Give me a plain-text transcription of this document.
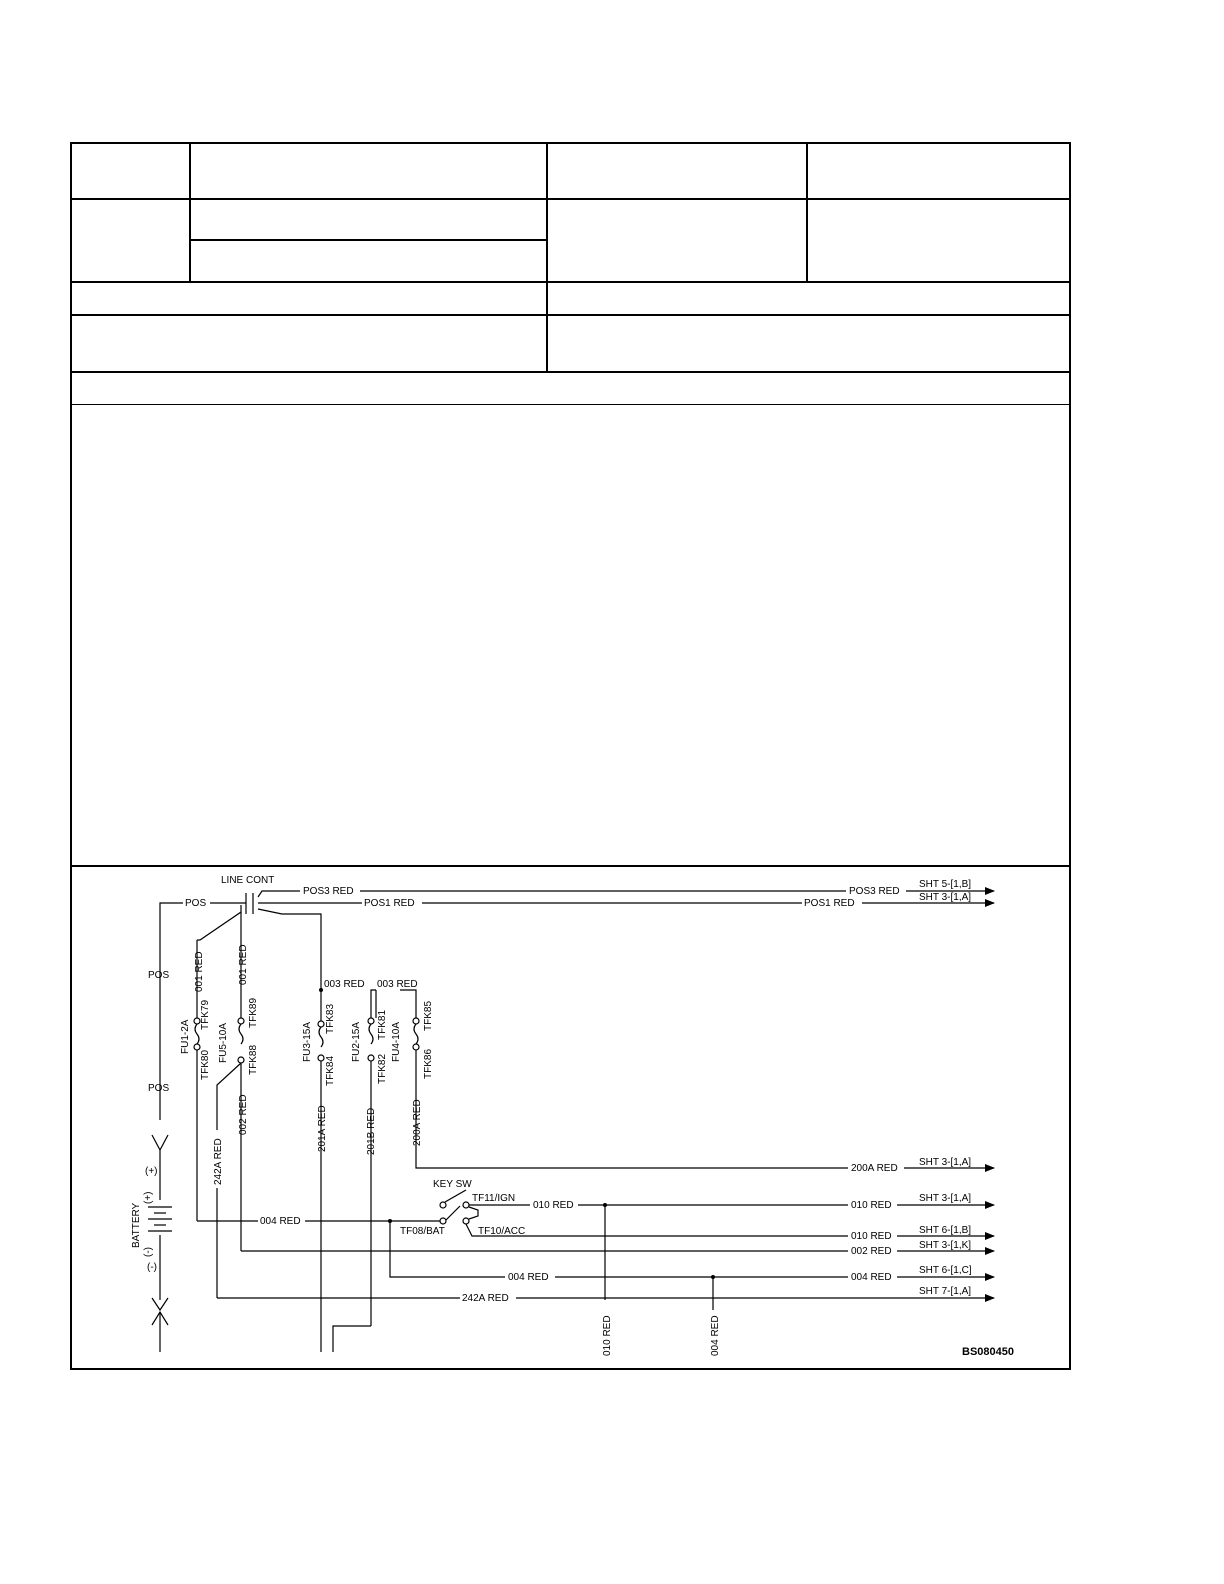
LINE CONT
POS3 RED	POS3 RED
SHT 5-[1,B]
POS1 RED	POS1 RED
SHT 3-[1,A]
POS
POS
POS
001 RED
FU1-2A
TFK79
TFK80
001 RED
FU5-10A
TFK89
TFK88
002 RED
242A RED
003 RED 003 RED
FU3-15A
TFK83
TFK84
201A RED
FU2-15A TFK81
TFK82
201B RED
FU4-10A
TFK85
TFK86
200A RED
200A RED
SHT 3-[1,A]
(+)
BATTERY
(+)
(-)
(-)
004 RED
KEY SW
TF11/IGN
TF08/BAT	TF10/ACC
010 RED	010 RED
SHT 3-[1,A]
010 RED
010 RED
SHT 6-[1,B]
002 RED
SHT 3-[1,K]
004 RED	004 RED
SHT 6-[1,C]
004 RED
242A RED
SHT 7-[1,A]
BS080450
